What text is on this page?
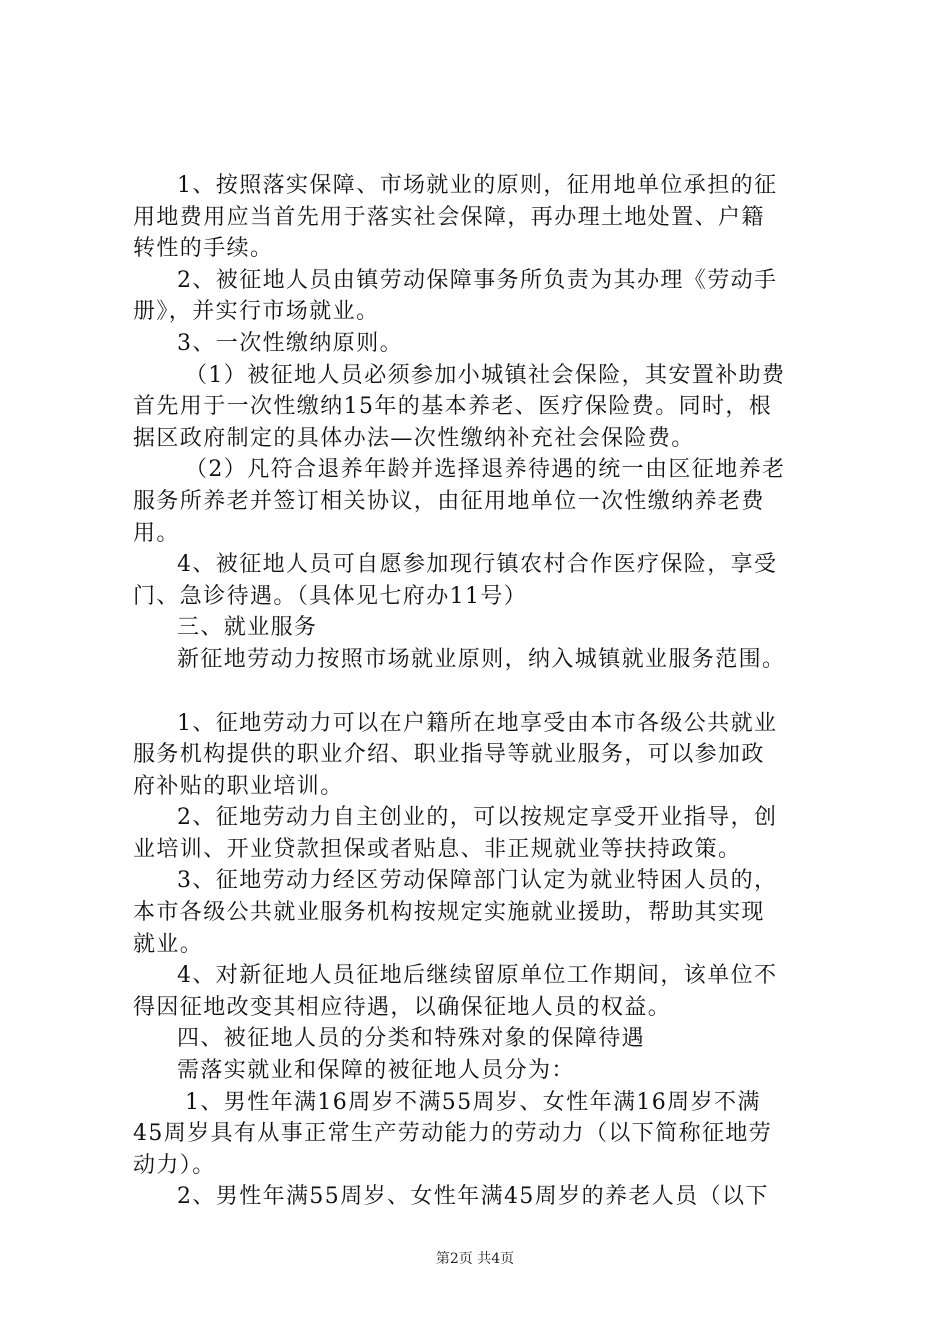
1、按照落实保障、市场就业的原则，征用地单位承担的征

用地费用应当首先用于落实社会保障，再办理土地处置、户籍

转性的手续。

2、被征地人员由镇劳动保障事务所负责为其办理《劳动手

册》，并实行市场就业。

3、一次性缴纳原则。

（1）被征地人员必须参加小城镇社会保险，其安置补助费

首先用于一次性缴纳15年的基本养老、医疗保险费。同时，根

据区政府制定的具体办法—次性缴纳补充社会保险费。

（2）凡符合退养年龄并选择退养待遇的统一由区征地养老

服务所养老并签订相关协议，由征用地单位一次性缴纳养老费

用。

4、被征地人员可自愿参加现行镇农村合作医疗保险，享受

门、急诊待遇。（具体见七府办11号）

三、就业服务

新征地劳动力按照市场就业原则，纳入城镇就业服务范围。

1、征地劳动力可以在户籍所在地享受由本市各级公共就业

服务机构提供的职业介绍、职业指导等就业服务，可以参加政

府补贴的职业培训。

2、征地劳动力自主创业的，可以按规定享受开业指导，创

业培训、开业贷款担保或者贴息、非正规就业等扶持政策。

3、征地劳动力经区劳动保障部门认定为就业特困人员的，

本市各级公共就业服务机构按规定实施就业援助，帮助其实现

就业。

4、对新征地人员征地后继续留原单位工作期间，该单位不

得因征地改变其相应待遇，以确保征地人员的权益。

四、被征地人员的分类和特殊对象的保障待遇

需落实就业和保障的被征地人员分为：

1、男性年满16周岁不满55周岁、女性年满16周岁不满

45周岁具有从事正常生产劳动能力的劳动力（以下简称征地劳

动力）。

2、男性年满55周岁、女性年满45周岁的养老人员（以下

第2页 共4页
